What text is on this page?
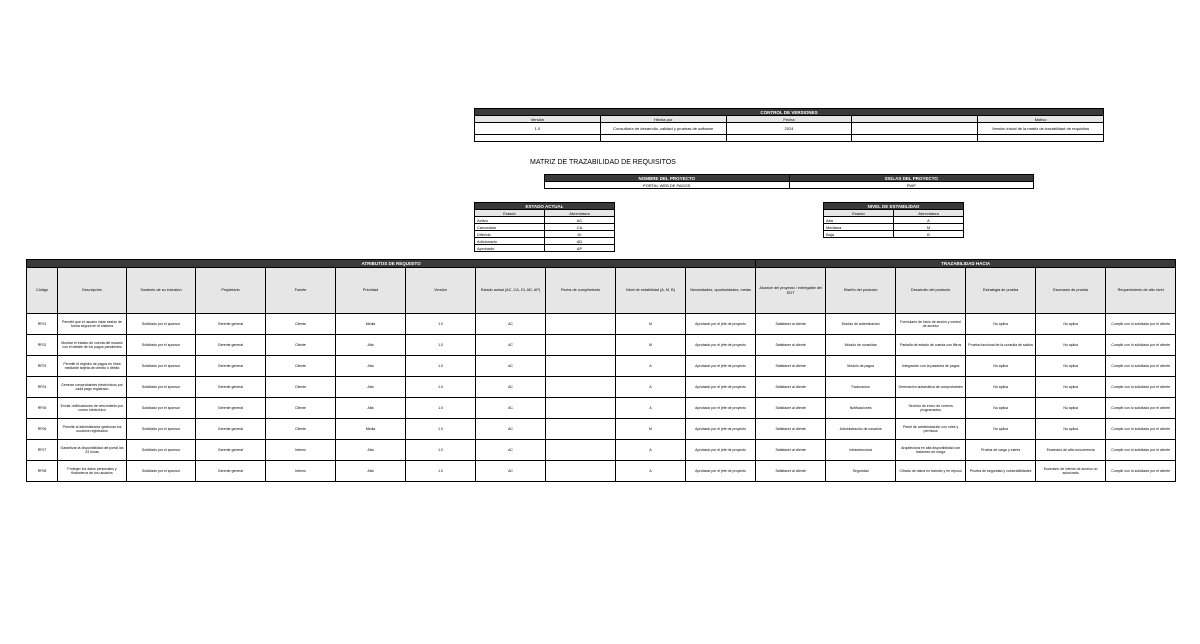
CONTROL DE VERSIONES				
Versión	Hecha por	Fecha		Motivo
1.0	Consultoría de desarrollo, calidad y pruebas de software	2024		Versión inicial de la matriz de trazabilidad de requisitos

MATRIZ DE TRAZABILIDAD DE REQUISITOS
NOMBRE DEL PROYECTO	SIGLAS DEL PROYECTO
PORTAL WEB DE PAGOS	PWP
ESTADO ACTUAL	
Estado	Abreviatura
Activo	AC
Cancelado	CA
Diferido	DI
Adicionado	AD
Aprobado	AP
NIVEL DE ESTABILIDAD	
Estado	Abreviatura
Alta	A
Mediana	M
Baja	B
ATRIBUTOS DE REQUISITO											TRAZABILIDAD HACIA					
Código	Descripción	Sustento de su inclusión	Propietario	Fuente	Prioridad	Versión	Estado actual (AC, CA, DI, AD, AP)	Fecha de cumplimiento	Nivel de estabilidad (A, M, B)	Necesidades, oportunidades, metas	Alcance del proyecto / entregable del EDT	Diseño del producto	Desarrollo del producto	Estrategia de prueba	Escenario de prueba	Requerimiento de alto nivel
RF01	Permitir que el usuario inicie sesión de forma segura en el sistema	Solicitado por el sponsor	Gerente general	Cliente	Media	1.0	AC		M	Aprobado por el jefe de proyecto	Satisfacer al cliente	Módulo de autenticación	Formulario de inicio de sesión y control de acceso	No aplica	No aplica	Cumplir con lo solicitado por el cliente
RF02	Mostrar el estado de cuenta del usuario con el detalle de los pagos pendientes	Solicitado por el sponsor	Gerente general	Cliente	Alta	1.0	AC		M	Aprobado por el jefe de proyecto	Satisfacer al cliente	Módulo de consultas	Pantalla de estado de cuenta con filtros	Prueba funcional de la consulta de saldos	No aplica	Cumplir con lo solicitado por el cliente
RF03	Permitir el registro de pagos en línea mediante tarjeta de crédito o débito	Solicitado por el sponsor	Gerente general	Cliente	Alta	1.0	AC		A	Aprobado por el jefe de proyecto	Satisfacer al cliente	Módulo de pagos	Integración con la pasarela de pagos	No aplica	No aplica	Cumplir con lo solicitado por el cliente
RF04	Generar comprobantes electrónicos por cada pago registrado	Solicitado por el sponsor	Gerente general	Cliente	Alta	1.0	AC		A	Aprobado por el jefe de proyecto	Satisfacer al cliente	Facturación	Generación automática de comprobantes	No aplica	No aplica	Cumplir con lo solicitado por el cliente
RF05	Enviar notificaciones de vencimiento por correo electrónico	Solicitado por el sponsor	Gerente general	Cliente	Alta	1.0	AC		A	Aprobado por el jefe de proyecto	Satisfacer al cliente	Notificaciones	Servicio de envío de correos programados	No aplica	No aplica	Cumplir con lo solicitado por el cliente
RF06	Permitir al administrador gestionar los usuarios registrados	Solicitado por el sponsor	Gerente general	Cliente	Media	1.0	AC		M	Aprobado por el jefe de proyecto	Satisfacer al cliente	Administración de usuarios	Panel de administración con roles y permisos	No aplica	No aplica	Cumplir con lo solicitado por el cliente
RF07	Garantizar la disponibilidad del portal las 24 horas	Solicitado por el sponsor	Gerente general	Interno	Alta	1.0	AC		A	Aprobado por el jefe de proyecto	Satisfacer al cliente	Infraestructura	Arquitectura en alta disponibilidad con balanceo de carga	Prueba de carga y estrés	Escenario de alta concurrencia	Cumplir con lo solicitado por el cliente
RF08	Proteger los datos personales y financieros de los usuarios	Solicitado por el sponsor	Gerente general	Interno	Alta	1.0	AC		A	Aprobado por el jefe de proyecto	Satisfacer al cliente	Seguridad	Cifrado de datos en tránsito y en reposo	Prueba de seguridad y vulnerabilidades	Escenario de intento de acceso no autorizado	Cumplir con lo solicitado por el cliente
